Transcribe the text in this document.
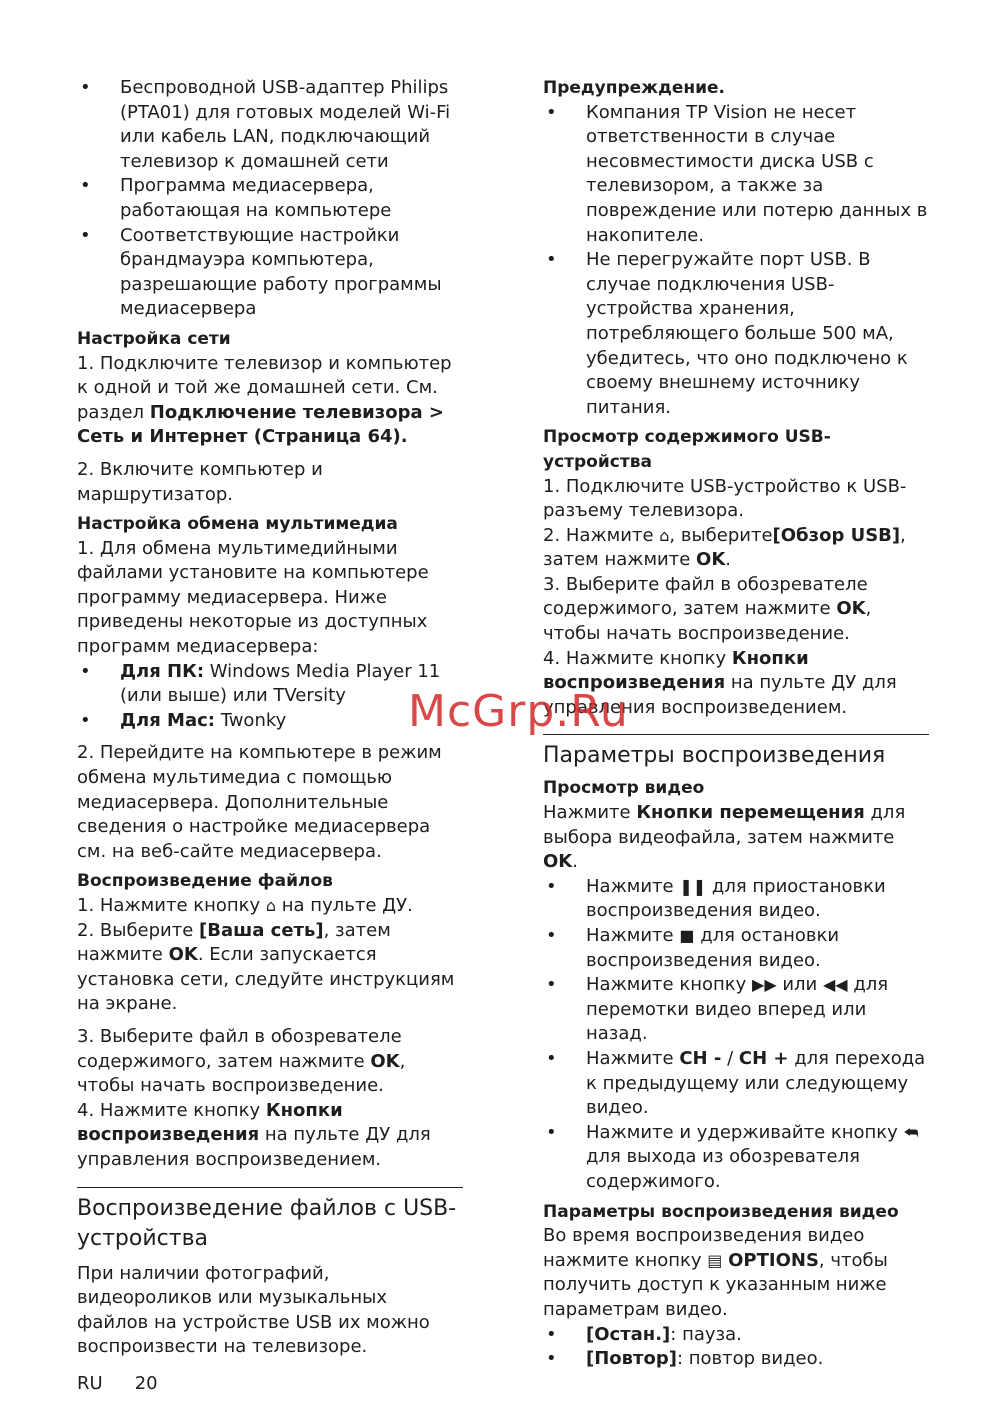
• Беспроводной USB-адаптер Philips (PTA01) для готовых моделей Wi-Fi или кабель LAN, подключающий телевизор к домашней сети
• Программа медиасервера, работающая на компьютере
• Соответствующие настройки брандмауэра компьютера, разрешающие работу программы медиасервера

Настройка сети

1. Подключите телевизор и компьютер к одной и той же домашней сети. См. раздел Подключение телевизора > Сеть и Интернет (Страница 64).

2. Включите компьютер и маршрутизатор.

Настройка обмена мультимедиа

1. Для обмена мультимедийными файлами установите на компьютере программу медиасервера. Ниже приведены некоторые из доступных программ медиасервера:

• Для ПК: Windows Media Player 11 (или выше) или TVersity
• Для Mac: Twonky

2. Перейдите на компьютере в режим обмена мультимедиа с помощью медиасервера. Дополнительные сведения о настройке медиасервера см. на веб-сайте медиасервера.

Воспроизведение файлов

1. Нажмите кнопку ⌂ на пульте ДУ.

2. Выберите [Ваша сеть], затем нажмите OK. Если запускается установка сети, следуйте инструкциям на экране.

3. Выберите файл в обозревателе содержимого, затем нажмите OK, чтобы начать воспроизведение.

4. Нажмите кнопку Кнопки воспроизведения на пульте ДУ для управления воспроизведением.

Воспроизведение файлов с USB-устройства

При наличии фотографий, видеороликов или музыкальных файлов на устройстве USB их можно воспроизвести на телевизоре.

Предупреждение.

• Компания TP Vision не несет ответственности в случае несовместимости диска USB с телевизором, а также за повреждение или потерю данных в накопителе.
• Не перегружайте порт USB. В случае подключения USB-устройства хранения, потребляющего больше 500 мА, убедитесь, что оно подключено к своему внешнему источнику питания.

Просмотр содержимого USB-устройства

1. Подключите USB-устройство к USB-разъему телевизора.

2. Нажмите ⌂, выберите[Обзор USB], затем нажмите OK.

3. Выберите файл в обозревателе содержимого, затем нажмите OK, чтобы начать воспроизведение.

4. Нажмите кнопку Кнопки воспроизведения на пульте ДУ для управления воспроизведением.

Параметры воспроизведения

Просмотр видео

Нажмите Кнопки перемещения для выбора видеофайла, затем нажмите OK.

• Нажмите ❚❚ для приостановки воспроизведения видео.
• Нажмите ■ для остановки воспроизведения видео.
• Нажмите кнопку ▶▶ или ◀◀ для перемотки видео вперед или назад.
• Нажмите CH - / CH + для перехода к предыдущему или следующему видео.
• Нажмите и удерживайте кнопку ⮪ для выхода из обозревателя содержимого.

Параметры воспроизведения видео

Во время воспроизведения видео нажмите кнопку ▤ OPTIONS, чтобы получить доступ к указанным ниже параметрам видео.

• [Остан.]: пауза.
• [Повтор]: повтор видео.
McGrp.Ru
RU 20
